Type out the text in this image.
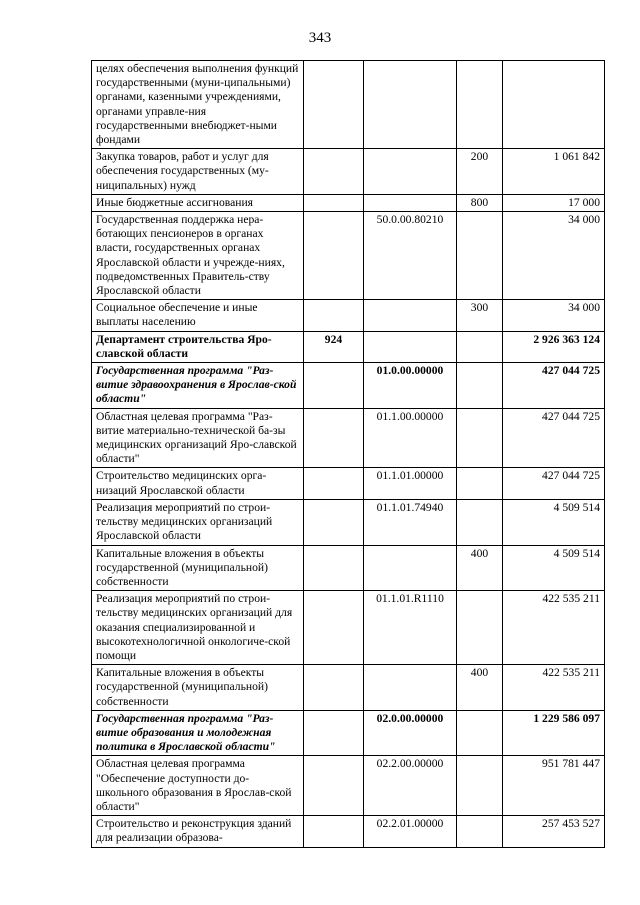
343
целях обеспечения выполнения функций государственными (муни-ципальными) органами, казенными учреждениями, органами управле-ния государственными внебюджет-ными фондами				
Закупка товаров, работ и услуг для обеспечения государственных (му-ниципальных) нужд			200	1 061 842
Иные бюджетные ассигнования			800	17 000
Государственная поддержка нера-ботающих пенсионеров в органах власти, государственных органах Ярославской области и учрежде-ниях, подведомственных Правитель-ству Ярославской области		50.0.00.80210		34 000
Социальное обеспечение и иные выплаты населению			300	34 000
Департамент строительства Яро-славской области	924			2 926 363 124
Государственная программа "Раз-витие здравоохранения в Ярослав-ской области"		01.0.00.00000		427 044 725
Областная целевая программа "Раз-витие материально-технической ба-зы медицинских организаций Яро-славской области"		01.1.00.00000		427 044 725
Строительство медицинских орга-низаций Ярославской области		01.1.01.00000		427 044 725
Реализация мероприятий по строи-тельству медицинских организаций Ярославской области		01.1.01.74940		4 509 514
Капитальные вложения в объекты государственной (муниципальной) собственности			400	4 509 514
Реализация мероприятий по строи-тельству медицинских организаций для оказания специализированной и высокотехнологичной онкологиче-ской помощи		01.1.01.R1110		422 535 211
Капитальные вложения в объекты государственной (муниципальной) собственности			400	422 535 211
Государственная программа "Раз-витие образования и молодежная политика в Ярославской области"		02.0.00.00000		1 229 586 097
Областная целевая программа "Обеспечение доступности до-школьного образования в Ярослав-ской области"		02.2.00.00000		951 781 447
Строительство и реконструкция зданий для реализации образова-		02.2.01.00000		257 453 527
